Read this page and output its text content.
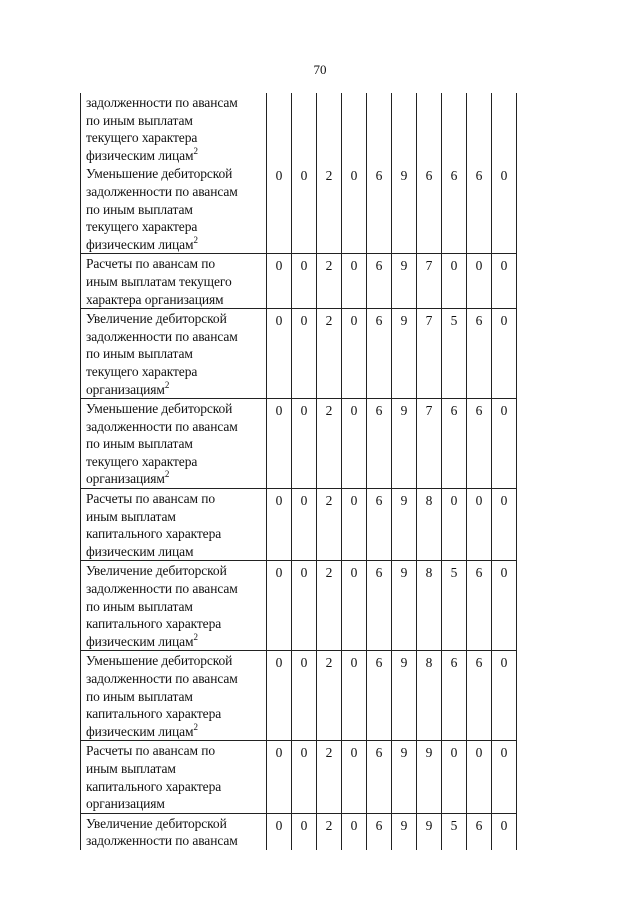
70
задолженности по авансам
по иным выплатам
текущего характера
физическим лицам$^2$

Уменьшение дебиторской
задолженности по авансам
по иным выплатам
текущего характера
физическим лицам$^2$	0	0	2	0	6	9	6	6	6	0

Расчеты по авансам по
иным выплатам текущего
характера организациям	0	0	2	0	6	9	7	0	0	0

Увеличение дебиторской
задолженности по авансам
по иным выплатам
текущего характера
организациям$^2$	0	0	2	0	6	9	7	5	6	0

Уменьшение дебиторской
задолженности по авансам
по иным выплатам
текущего характера
организациям$^2$	0	0	2	0	6	9	7	6	6	0

Расчеты по авансам по
иным выплатам
капитального характера
физическим лицам	0	0	2	0	6	9	8	0	0	0

Увеличение дебиторской
задолженности по авансам
по иным выплатам
капитального характера
физическим лицам$^2$	0	0	2	0	6	9	8	5	6	0

Уменьшение дебиторской
задолженности по авансам
по иным выплатам
капитального характера
физическим лицам$^2$	0	0	2	0	6	9	8	6	6	0

Расчеты по авансам по
иным выплатам
капитального характера
организациям	0	0	2	0	6	9	9	0	0	0

Увеличение дебиторской
задолженности по авансам	0	0	2	0	6	9	9	5	6	0
